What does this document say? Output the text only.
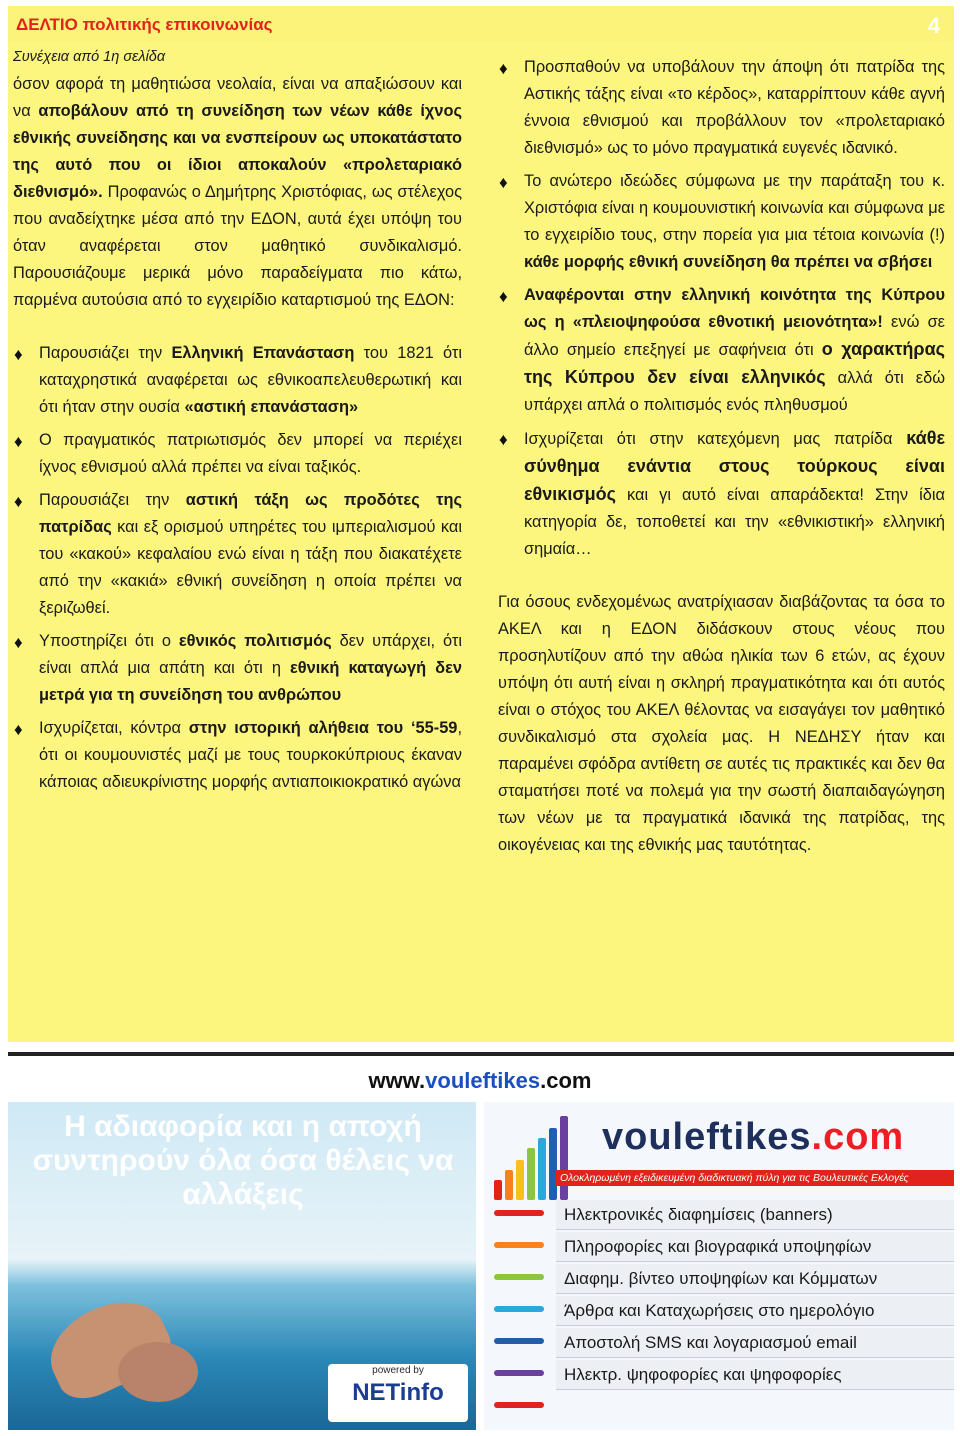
ΔΕΛΤΙΟ πολιτικής επικοινωνίας	4
Συνέχεια από 1η σελίδα

όσον αφορά τη μαθητιώσα νεολαία, είναι να απαξιώσουν και να αποβάλουν από τη συνείδηση των νέων κάθε ίχνος εθνικής συνείδησης και να ενσπείρουν ως υποκατάστατο της αυτό που οι ίδιοι αποκαλούν «προλεταριακό διεθνισμό». Προφανώς ο Δημήτρης Χριστόφιας, ως στέλεχος που αναδείχτηκε μέσα από την ΕΔΟΝ, αυτά έχει υπόψη του όταν αναφέρεται στον μαθητικό συνδικαλισμό. Παρουσιάζουμε μερικά μόνο παραδείγματα πιο κάτω, παρμένα αυτούσια από το εγχειρίδιο καταρτισμού της ΕΔΟΝ:

♦ Παρουσιάζει την Ελληνική Επανάσταση του 1821 ότι καταχρηστικά αναφέρεται ως εθνικοαπελευθερωτική και ότι ήταν στην ουσία «αστική επανάσταση»

♦ Ο πραγματικός πατριωτισμός δεν μπορεί να περιέχει ίχνος εθνισμού αλλά πρέπει να είναι ταξικός.

♦ Παρουσιάζει την αστική τάξη ως προδότες της πατρίδας και εξ ορισμού υπηρέτες του ιμπεριαλισμού και του «κακού» κεφαλαίου ενώ είναι η τάξη που διακατέχετε από την «κακιά» εθνική συνείδηση η οποία πρέπει να ξεριζωθεί.

♦ Υποστηρίζει ότι ο εθνικός πολιτισμός δεν υπάρχει, ότι είναι απλά μια απάτη και ότι η εθνική καταγωγή δεν μετρά για τη συνείδηση του ανθρώπου

♦ Ισχυρίζεται, κόντρα στην ιστορική αλήθεια του ‘55-59, ότι οι κουμουνιστές μαζί με τους τουρκοκύπριους έκαναν κάποιας αδιευκρίνιστης μορφής αντιαποικιοκρατικό αγώνα

♦ Προσπαθούν να υποβάλουν την άποψη ότι πατρίδα της Αστικής τάξης είναι «το κέρδος», καταρρίπτουν κάθε αγνή έννοια εθνισμού και προβάλλουν τον «προλεταριακό διεθνισμό» ως το μόνο πραγματικά ευγενές ιδανικό.

♦ Το ανώτερο ιδεώδες σύμφωνα με την παράταξη του κ. Χριστόφια είναι η κουμουνιστική κοινωνία και σύμφωνα με το εγχειρίδιο τους, στην πορεία για μια τέτοια κοινωνία (!) κάθε μορφής εθνική συνείδηση θα πρέπει να σβήσει

♦ Αναφέρονται στην ελληνική κοινότητα της Κύπρου ως η «πλειοψηφούσα εθνοτική μειονότητα»! ενώ σε άλλο σημείο επεξηγεί με σαφήνεια ότι ο χαρακτήρας της Κύπρου δεν είναι ελληνικός αλλά ότι εδώ υπάρχει απλά ο πολιτισμός ενός πληθυσμού

♦ Ισχυρίζεται ότι στην κατεχόμενη μας πατρίδα κάθε σύνθημα ενάντια στους τούρκους είναι εθνικισμός και γι αυτό είναι απαράδεκτα! Στην ίδια κατηγορία δε, τοποθετεί και την «εθνικιστική» ελληνική σημαία…

Για όσους ενδεχομένως ανατρίχιασαν διαβάζοντας τα όσα το ΑΚΕΛ και η ΕΔΟΝ διδάσκουν στους νέους που προσηλυτίζουν από την αθώα ηλικία των 6 ετών, ας έχουν υπόψη ότι αυτή είναι η σκληρή πραγματικότητα και ότι αυτός είναι ο στόχος του ΑΚΕΛ θέλοντας να εισαγάγει τον μαθητικό συνδικαλισμό στα σχολεία μας. Η ΝΕΔΗΣΥ ήταν και παραμένει σφόδρα αντίθετη σε αυτές τις πρακτικές και δεν θα σταματήσει ποτέ να πολεμά για την σωστή διαπαιδαγώγηση των νέων με τα πραγματικά ιδανικά της πατρίδας, της οικογένειας και της εθνικής μας ταυτότητας.

www.vouleftikes.com
Η αδιαφορία και η αποχή συντηρούν όλα όσα θέλεις να αλλάξεις
powered by
NETinfo
vouleftikes.com
Ολοκληρωμένη εξειδικευμένη διαδικτυακή πύλη για τις Βουλευτικές Εκλογές
Ηλεκτρονικές διαφημίσεις (banners)
Πληροφορίες και βιογραφικά υποψηφίων
Διαφημ. βίντεο υποψηφίων και Κόμματων
Άρθρα και Καταχωρήσεις στο ημερολόγιο
Αποστολή SMS και λογαριασμού email
Ηλεκτρ. ψηφοφορίες και ψηφοφορίες
